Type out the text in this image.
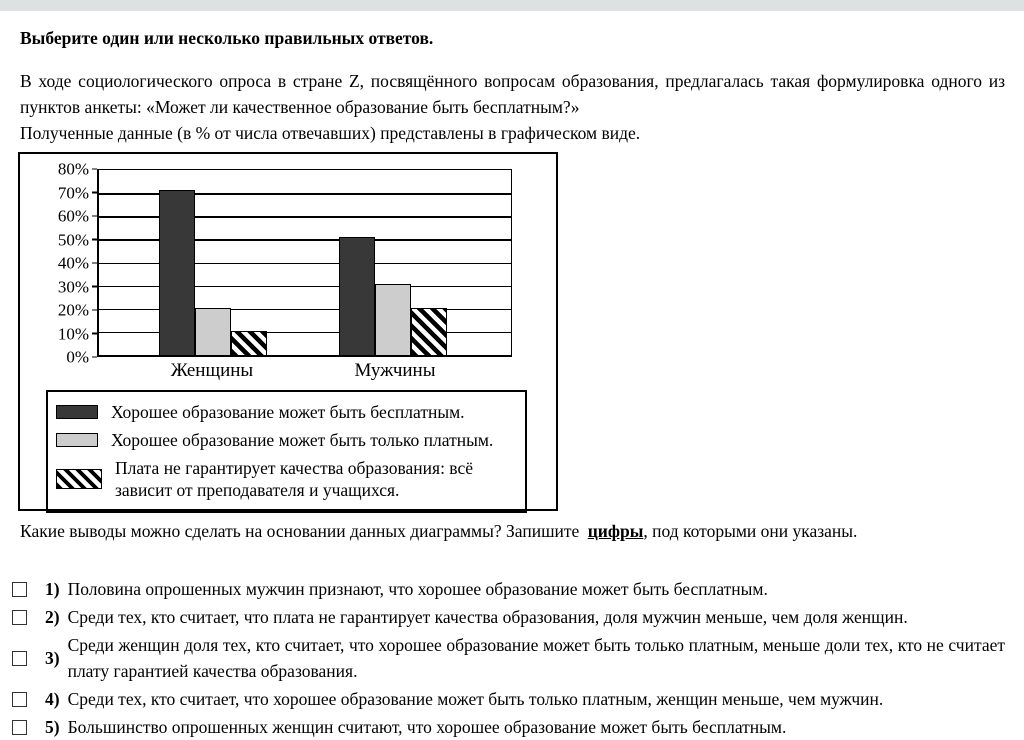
Выберите один или несколько правильных ответов.

В ходе социологического опроса в стране Z, посвящённого вопросам образования, предлагалась такая формулировка одного из пунктов анкеты: «Может ли качественное образование быть бесплатным?»

Полученные данные (в % от числа отвечавших) представлены в графическом виде.

80%
70%
60%
50%
40%
30%
20%
10%
0%
Женщины	Мужчины
Хорошее образование может быть бесплатным.
Хорошее образование может быть только платным.
Плата не гарантирует качества образования: всё зависит от преподавателя и учащихся.

Какие выводы можно сделать на основании данных диаграммы? Запишите цифры, под которыми они указаны.

1) Половина опрошенных мужчин признают, что хорошее образование может быть бесплатным.
2) Среди тех, кто считает, что плата не гарантирует качества образования, доля мужчин меньше, чем доля женщин.
3)
Среди женщин доля тех, кто считает, что хорошее образование может быть только платным, меньше доли тех, кто не считает плату гарантией качества образования.
4) Среди тех, кто считает, что хорошее образование может быть только платным, женщин меньше, чем мужчин.
5) Большинство опрошенных женщин считают, что хорошее образование может быть бесплатным.
